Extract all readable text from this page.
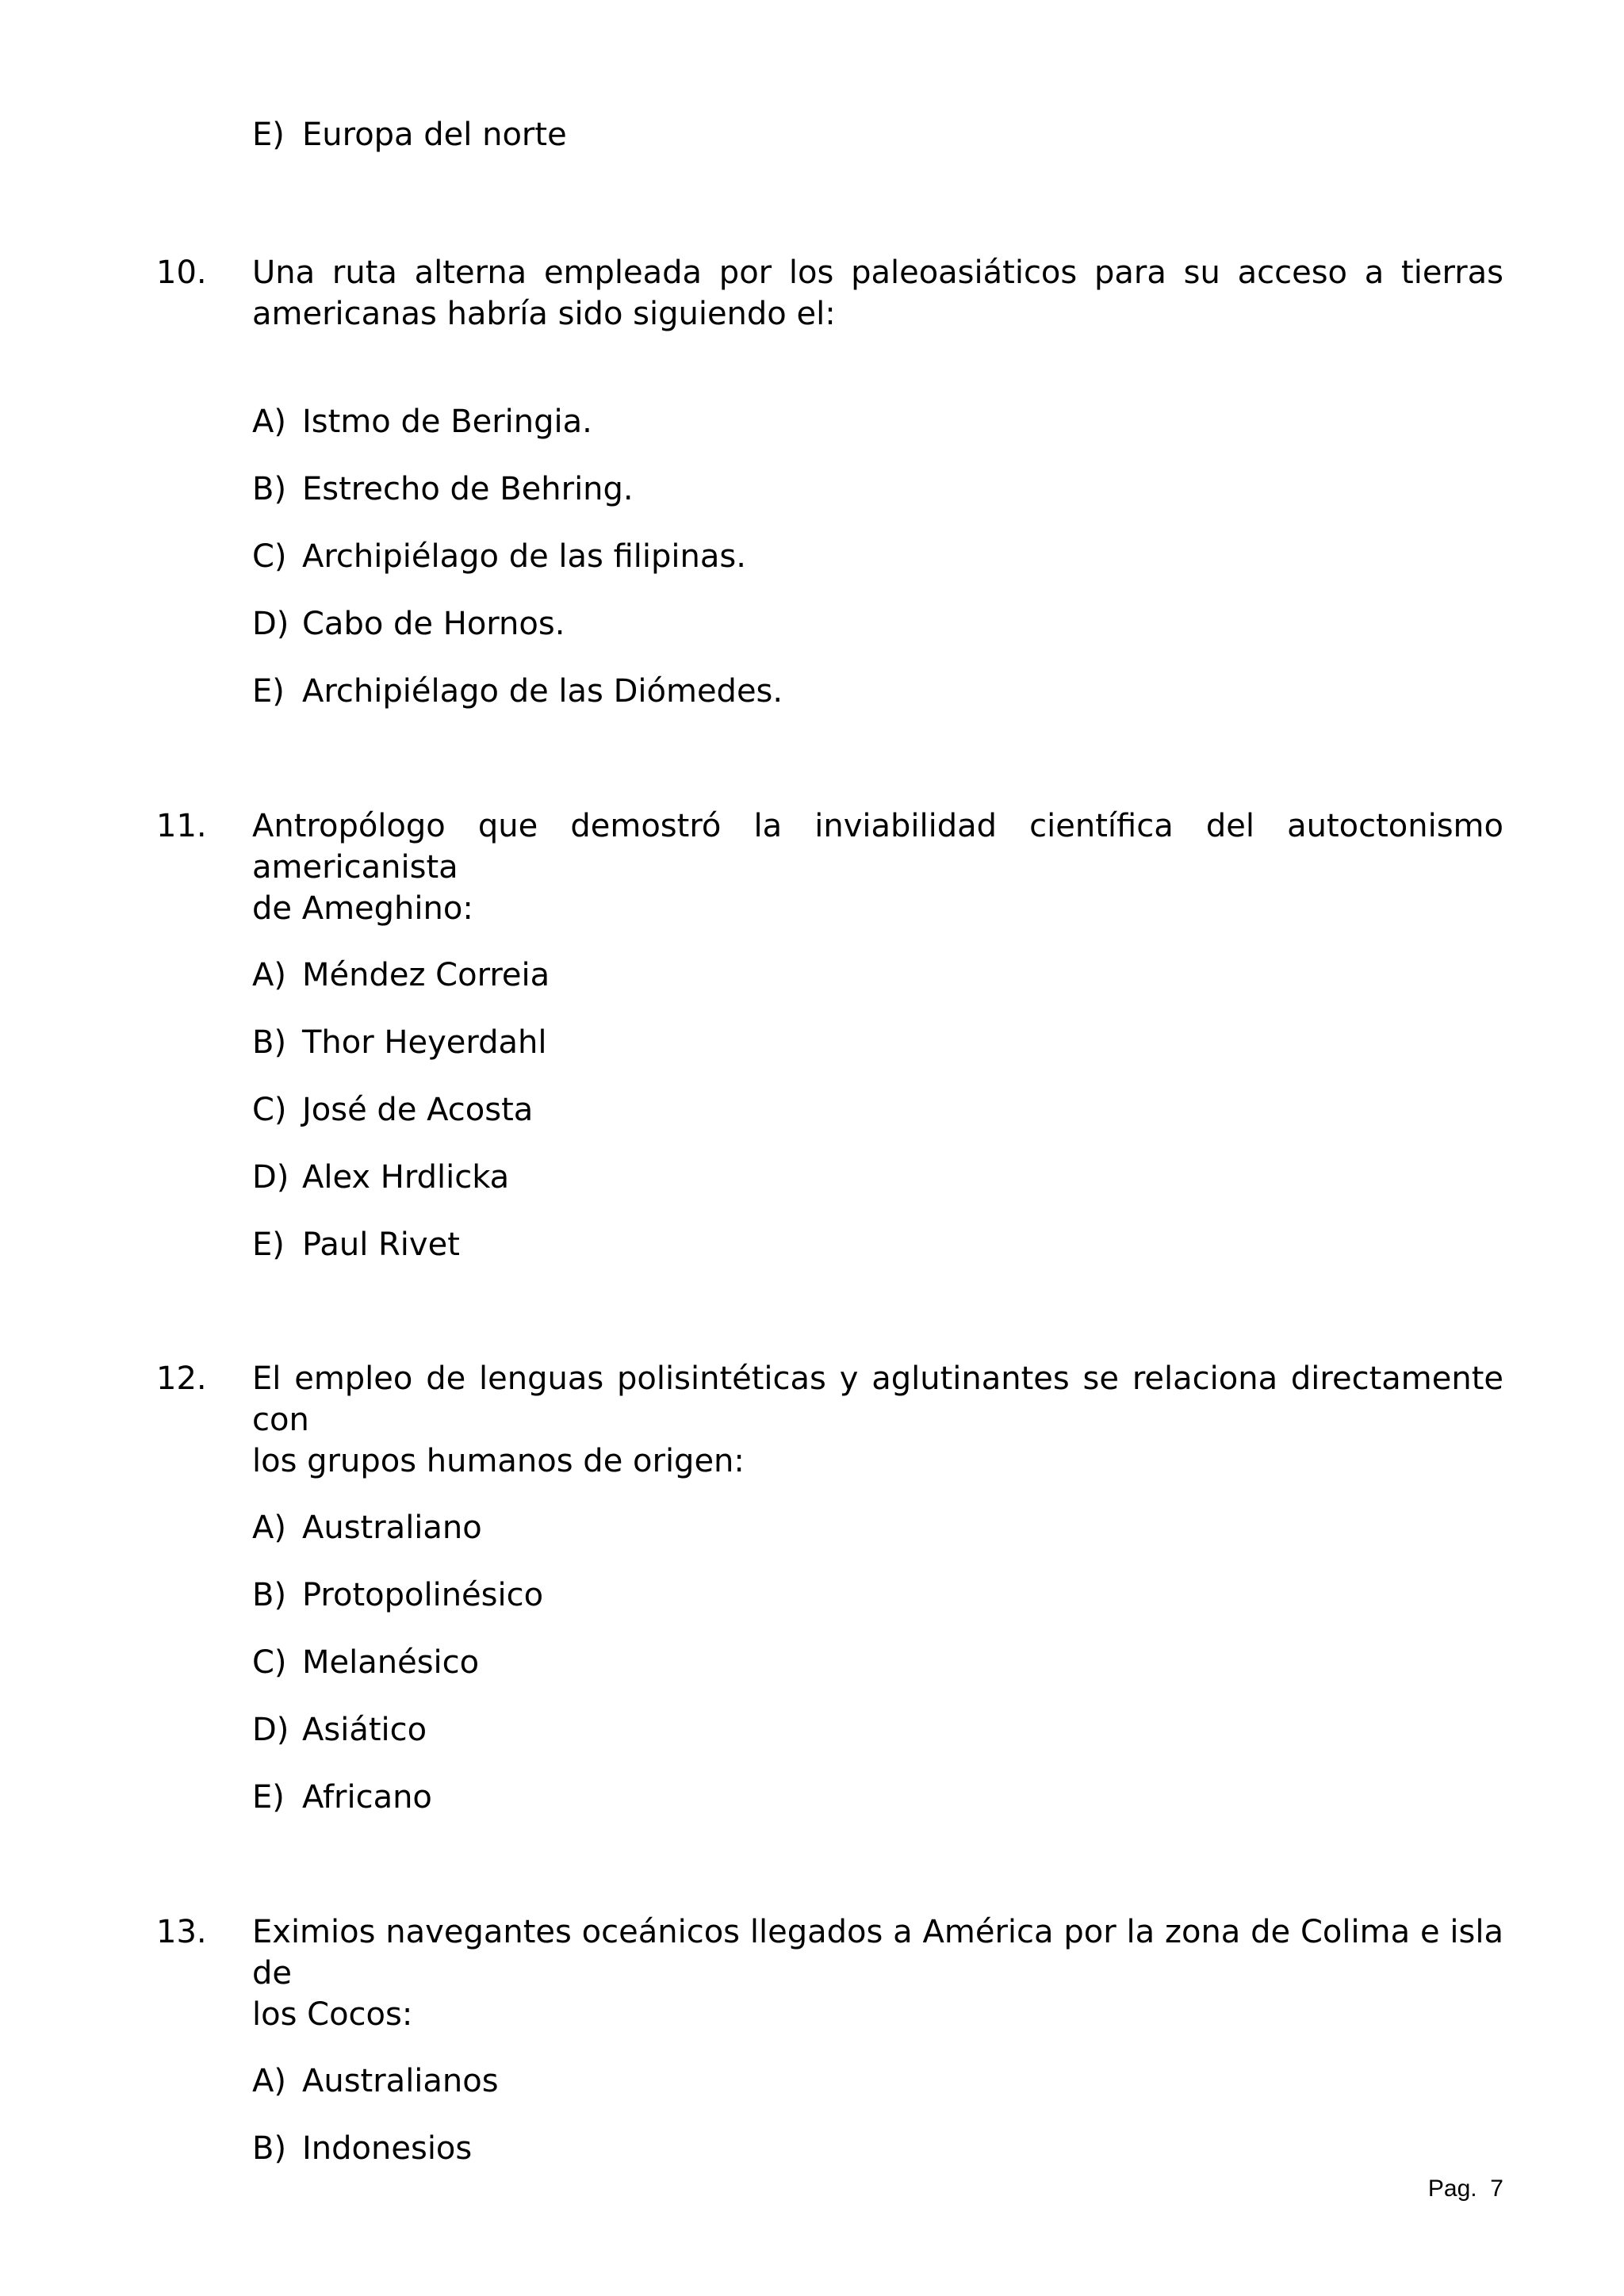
E) Europa del norte
10. Una ruta alterna empleada por los paleoasiáticos para su acceso a tierras
americanas habría sido siguiendo el:
A) Istmo de Beringia.
B) Estrecho de Behring.
C) Archipiélago de las filipinas.
D) Cabo de Hornos.
E) Archipiélago de las Diómedes.
11. Antropólogo que demostró la inviabilidad científica del autoctonismo americanista
de Ameghino:
A) Méndez Correia
B) Thor Heyerdahl
C) José de Acosta
D) Alex Hrdlicka
E) Paul Rivet
12. El empleo de lenguas polisintéticas y aglutinantes se relaciona directamente con
los grupos humanos de origen:
A) Australiano
B) Protopolinésico
C) Melanésico
D) Asiático
E) Africano
13. Eximios navegantes oceánicos llegados a América por la zona de Colima e isla de
los Cocos:
A) Australianos
B) Indonesios
Pag.  7
